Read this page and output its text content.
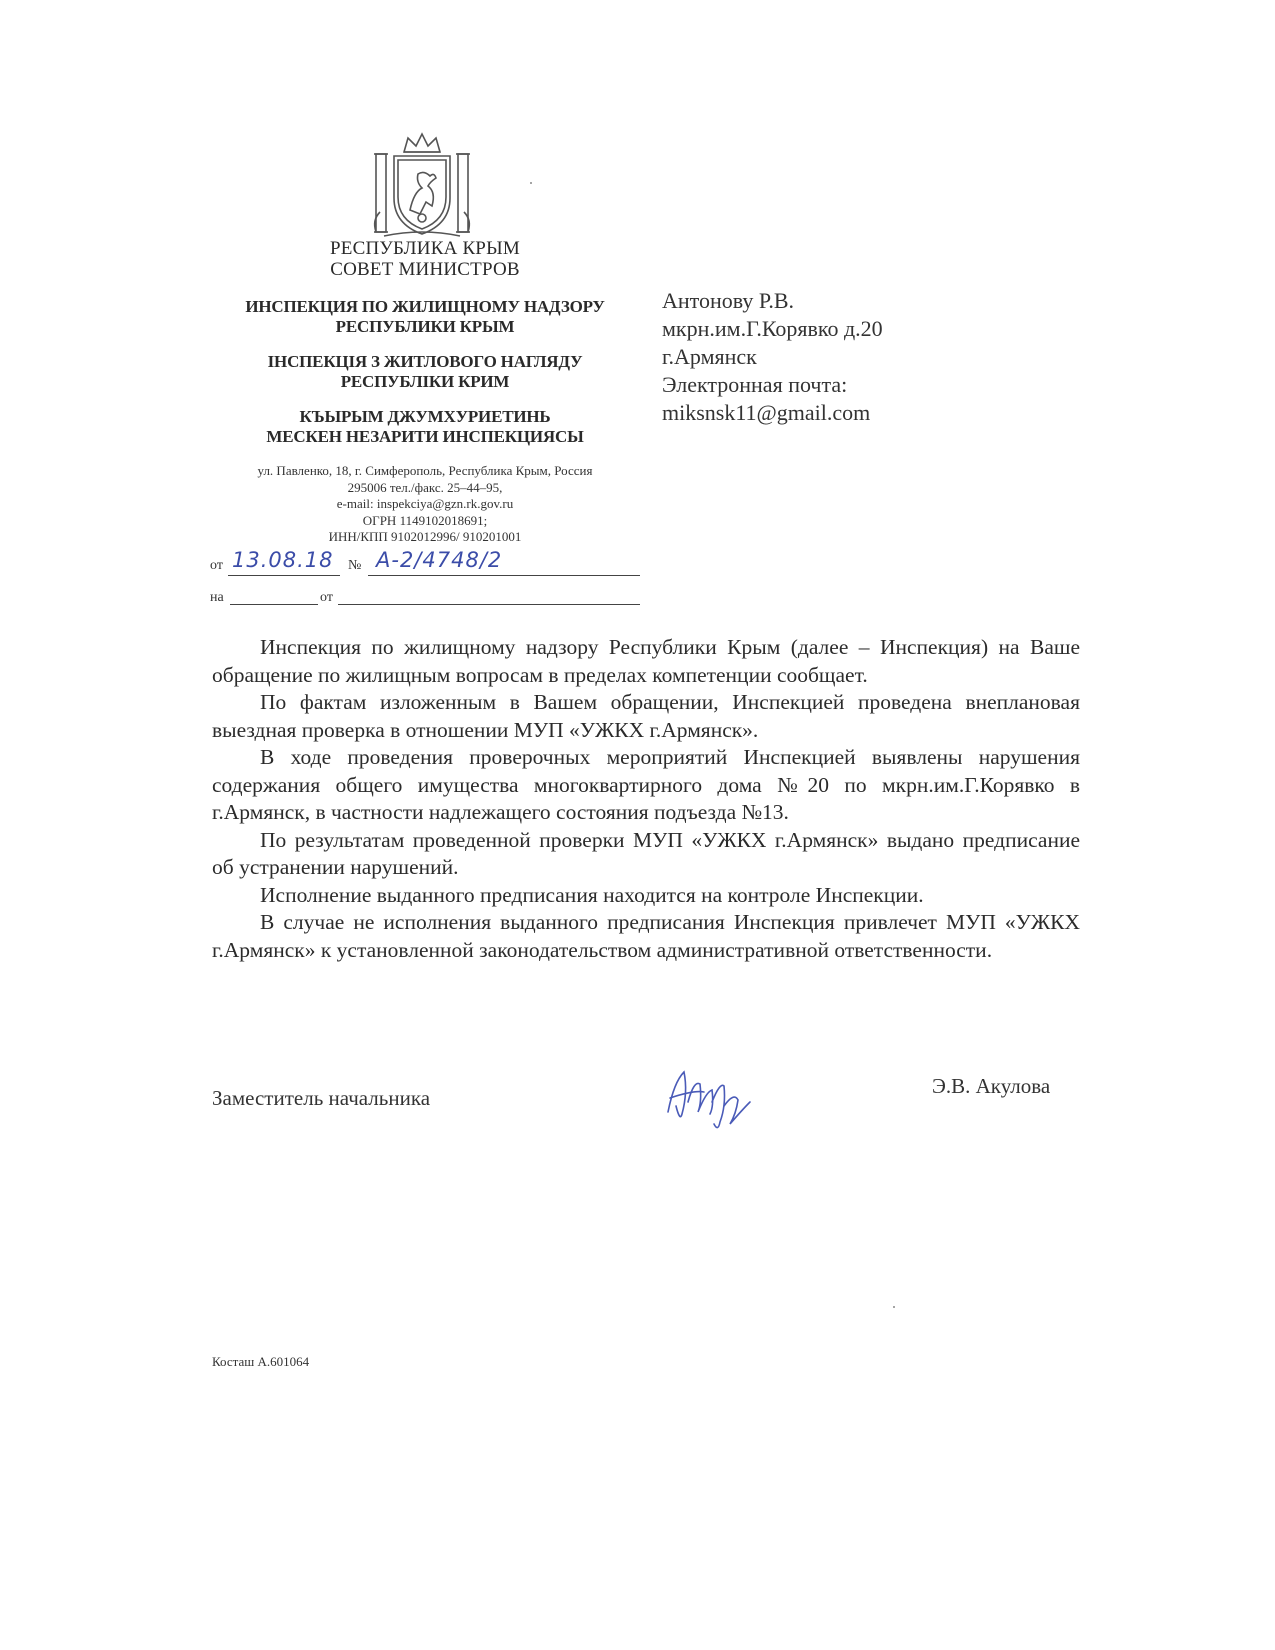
РЕСПУБЛИКА КРЫМ
СОВЕТ МИНИСТРОВ
ИНСПЕКЦИЯ ПО ЖИЛИЩНОМУ НАДЗОРУ
РЕСПУБЛИКИ КРЫМ
ІНСПЕКЦІЯ З ЖИТЛОВОГО НАГЛЯДУ
РЕСПУБЛІКИ КРИМ
КЪЫРЫМ ДЖУМХУРИЕТИНЬ
МЕСКЕН НЕЗАРИТИ ИНСПЕКЦИЯСЫ
ул. Павленко, 18, г. Симферополь, Республика Крым, Россия
295006 тел./факс. 25–44–95,
e-mail: inspekciya@gzn.rk.gov.ru
ОГРН 1149102018691;
ИНН/КПП 9102012996/ 910201001
от 13.08.18 № А-2/4748/2
на	от
Антонову Р.В.
мкрн.им.Г.Корявко д.20
г.Армянск
Электронная почта:
miksnsk11@gmail.com

Инспекция по жилищному надзору Республики Крым (далее – Инспекция) на Ваше обращение по жилищным вопросам в пределах компетенции сообщает.

По фактам изложенным в Вашем обращении, Инспекцией проведена внеплановая выездная проверка в отношении МУП «УЖКХ г.Армянск».

В ходе проведения проверочных мероприятий Инспекцией выявлены нарушения содержания общего имущества многоквартирного дома №20 по мкрн.им.Г.Корявко в г.Армянск, в частности надлежащего состояния подъезда №13.

По результатам проведенной проверки МУП «УЖКХ г.Армянск» выдано предписание об устранении нарушений.

Исполнение выданного предписания находится на контроле Инспекции.

В случае не исполнения выданного предписания Инспекция привлечет МУП «УЖКХ г.Армянск» к установленной законодательством административной ответственности.

Заместитель начальника	Э.В. Акулова
Косташ А.601064
